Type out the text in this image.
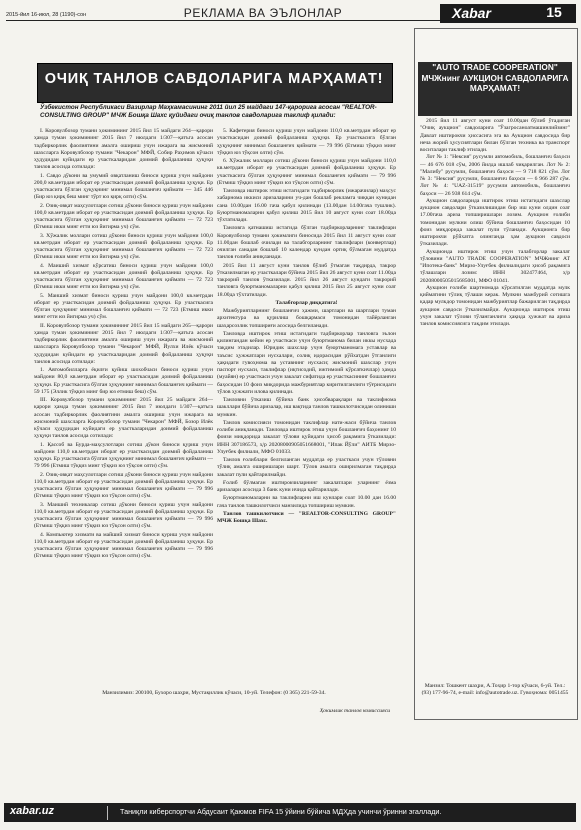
2015-йил 16-июл, 28 (1190)-сон	РЕКЛАМА ВА ЭЪЛОНЛАР	Xabar	15
ОЧИҚ ТАНЛОВ САВДОЛАРИГА МАРҲАМАТ!
Ўзбекистон Республикаси Вазирлар Маҳкамасининг 2011 йил 25 майдаги 147-қарорига асосан "REALTOR-CONSULTING GROUP" МЧЖ Бошқа Шахс қуйидаги очиқ танлов савдоларига таклиф қилади:

I. Коровулбозор тумани ҳокимининг 2015 йил 15 майдаги 264—қарори ҳамда туман ҳокимининг 2015 йил 7 июлдаги 1/307—қатъга асосан тадбиркорлик фаолиятини амалга ошириш учун ижарага ва жисмоний шахсларга Коровулбозор тумани "Чекарон" МФЙ, Собир Раҳимов кўчаси ҳудудидан куйидаги ер участкаларидан доимий фойдаланиш ҳуқуқи танлов асосида сотилади:

1. Савдо дўкони ва умумий овқатланиш биноси қуриш учун майдони 200,0 кв.метрдан иборат ер участкасидан доимий фойдаланиш ҳуқуқи. Ер участкасига бўлган ҳуқуқнинг минимал бошланғич қиймати — 345 446 (Бир юз қирқ беш минг тўрт юз қирқ олти) сўм.

2. Озиқ-овқат маҳсулотлари сотиш дўкони биноси қуриш учун майдони 100,0 кв.метрдан иборат ер участкасидан доимий фойдаланиш ҳуқуқи. Ер участкасига бўлган ҳуқуқнинг минимал бошланғич қиймати — 72 723 (Етмиш икки минг етти юз йигирма уч) сўм.

3. Хўжалик моллари сотиш дўкони биноси қуриш учун майдони 100,0 кв.метрдан иборат ер участкасидан доимий фойдаланиш ҳуқуқи. Ер участкасига бўлган ҳуқуқнинг минимал бошланғич қиймати — 72 723 (Етмиш икки минг етти юз йигирма уч) сўм.

4. Маиший хизмат кўрсатиш биноси қуриш учун майдони 100,0 кв.метрдан иборат ер участкасидан доимий фойдаланиш ҳуқуқи. Ер участкасига бўлган ҳуқуқнинг минимал бошланғич қиймати — 72 723 (Етмиш икки минг етти юз йигирма уч) сўм.

5. Маиший хизмат биноси қуриш учун майдони 100,0 кв.метрдан иборат ер участкасидан доимий фойдаланиш ҳуқуқи. Ер участкасига бўлган ҳуқуқнинг минимал бошланғич қиймати — 72 723 (Етмиш икки минг етти юз йигирма уч) сўм.

II. Коровулбозор тумани ҳокимининг 2015 йил 15 майдаги 265—қарори ҳамда туман ҳокимининг 2015 йил 7 июлдаги 1/307—қатъга асосан тадбиркорлик фаолиятини амалга ошириш учун ижарага ва жисмоний шахсларга Коровулбозор тумани "Чекарон" МФЙ, Йулхи Илёк кўчаси ҳудудидан куйидаги ер участкаларидан доимий фойдаланиш ҳуқуқи танлов асосида сотилади:

1. Автомобилларга ёқилғи қуйиш шохобчаси биноси қуриш учун майдони 80,0 кв.метрдан иборат ер участкасидан доимий фойдаланиш ҳуқуқи. Ер участкасига бўлган ҳуқуқнинг минимал бошланғич қиймати — 59 175 (Эллик тўққиз минг бир юз етмиш беш) сўм.

III. Коровулбозор тумани ҳокимининг 2015 йил 25 майдаги 264—қарори ҳамда туман ҳокимининг 2015 йил 7 июлдаги 1/307—қатъга асосан тадбиркорлик фаолиятини амалга ошириш учун ижарага ва жисмоний шахсларга Коровулбозор тумани "Чекарон" МФЙ, Бозор Илёк кўчаси ҳудудидан куйидаги ер участкаларидан доимий фойдаланиш ҳуқуқи танлов асосида сотилади:

1. Қассоб ва Бурда-маҳсулотлари сотиш дўкон биноси қуриш учун майдони 110,0 кв.метрдан иборат ер участкасидан доимий фойдаланиш ҳуқуқи. Ер участкасига бўлган ҳуқуқнинг минимал бошланғич қиймати — 79 996 (Етмиш тўққиз минг тўққиз юз тўқсон олти) сўм.

2. Озиқ-овқат маҳсулотлари сотиш дўкони биноси қуриш учун майдони 110,0 кв.метрдан иборат ер участкасидан доимий фойдаланиш ҳуқуқи. Ер участкасига бўлган ҳуқуқнинг минимал бошланғич қиймати — 79 996 (Етмиш тўққиз минг тўққиз юз тўқсон олти) сўм.

3. Маиший техникалар сотиш дўкони биноси қуриш учун майдони 110,0 кв.метрдан иборат ер участкасидан доимий фойдаланиш ҳуқуқи. Ер участкасига бўлган ҳуқуқнинг минимал бошланғич қиймати — 79 996 (Етмиш тўққиз минг тўққиз юз тўқсон олти) сўм.

4. Компьютер хизмати ва майший хизмат биноси қуриш учун майдони 110,0 кв.метрдан иборат ер участкасидан доимий фойдаланиш ҳуқуқи. Ер участкасига бўлган ҳуқуқнинг минимал бошланғич қиймати — 79 996 (Етмиш тўққиз минг тўққиз юз тўқсон олти) сўм.

5. Кафетерия биноси қуриш учун майдони 110,0 кв.метрдан иборат ер участкасидан доимий фойдаланиш ҳуқуқи. Ер участкасига бўлган ҳуқуқнинг минимал бошланғич қиймати — 79 996 (Етмиш тўққиз минг тўққиз юз тўқсон олти) сўм.

6. Хўжалик моллари сотиш дўкони биноси қуриш учун майдони 110,0 кв.метрдан иборат ер участкасидан доимий фойдаланиш ҳуқуқи. Ер участкасига бўлган ҳуқуқнинг минимал бошланғич қиймати — 79 996 (Етмиш тўққиз минг тўққиз юз тўқсон олти) сўм.

Танловда иштирок этиш истагидаги тадбиркорлик (ижарачилар) маҳсус хабарнома иккиси аризаларини уч-дан бошлаб рекламга чиққан кунидан сана 10.00дан 16.00 гача қабул қилинади (13.00дан 14.00гача тушлик). Буюртманомаларни қабул қилиш 2015 йил 10 август куни соат 18.00да тўхтатилади.

Танловга қатнашиш истагида бўлган тадбиркорларнинг таклифлари Коровулбозор тумани ҳокимлиги биносида 2015 йил 11 август куни соат 11.00дан бошлаб очилади ва талабгорларнинг таклифлари (конвертлар) очилган санадан бошлаб 10 календар кундан ортиқ бўлмаган муддатда танлов ғолиби аниқланади.

2015 йил 11 август куни танлов бўлиб ўтмаган тақдирда, такрор ўтказилмаган ер участкалари бўйича 2015 йил 26 август куни соат 11.00да такрорий танлов ўтказилади. 2015 йил 26 август кундаги такрорий танловга буюртманомаларни қабул қилиш 2015 йил 25 август куни соат 18.00да тўхтатилади.

Талабгорлар диққатига!

Мажбуриятларнинг бошланғич ҳажми, шартлари ва шартлари туман архитектура ва қурилиш бошқармаси томонидан тайёрланган шаҳарсозлик топшириғи асосида белгиланади.

Танловда иштирок этиш истагидаги тадбиркорлар танловга эълон қилингандан кейин ер участкаси учун буюртманома билан иккы нусхада тақдим этадилар. Юридик шахслар учун буюртманомага уставлар ва таъсис ҳужжатлари нусхалари, солиқ идорасидан рўйхатдан ўтганлиги ҳақидаги гувоҳнома ва уставнинг нусхаси; жисмоний шахслар учун паспорт нусхаси, таклифлар (иқтисодий, ижтимоий кўрсаткичлар) ҳамда (муайян) ер участкаси учун закалат сифатида ер участкасининг бошланғич баҳосидан 10 фоиз миқдорида мажбуриятлар киритилганлиги тўғрисидаги тўлов ҳужжати илова қилинади.

Танловни ўтказиш бўйича банк ҳисобварақлари ва таклифнома шакллари бўйича аризалар, иш вақтида танлов ташкилотчисидан олиниши мумкин.

Танлов комиссияси томонидан таклифлар нати-жаси бўйича танлов ғолиби аниқланади. Танловда иштирок этиш учун бошланғич баҳонинг 10 фоизи миқдорида закалат тўлови қуйидаги ҳисоб рақамига ўтказилади: ИНН 307186573, ҳ/р 20208000905051668001, "Ипак Йўли" АИТБ Мирзо-Улуғбек филиали, МФО 01033.

Танлов ғолиблари белгиланган муддатда ер участкаси учун тўловни тўлиқ амалга оширишлари шарт. Тўлов амалга оширилмаган тақдирда закалат пули қайтарилмайди.

Ғолиб бўлмаган иштирокчиларнинг закалатлари уларнинг ёзма аризалари асосида 3 банк куни ичида қайтарилади.

Буюртманомаларни ва таклифларни иш кунлари соат 10.00 дан 16.00 гача танлов ташкилотчиси манзилида топшириш мумкин.

Танлов ташкилотчиси — "REALTOR-CONSULTING GROUP" МЧЖ Бошқа Шахс.

Манзилимиз: 200100, Бухоро шаҳри, Мустақиллик кўчаси, 10-уй. Телефон: (0 365) 221-59-34.
Ҳокимлик танлов комиссияси
"AUTO TRADE COOPERATION" МЧЖнинг АУКЦИОН САВДОЛАРИГА МАРҲАМАТ!

2015 йил 11 август куни соат 10.00дан бўлиб ўтадиган "Очиқ аукцион" савдоларига "Ўзагросаноатмашинлийзинг" Давлат иштирокчи ҳиссасига эга ва Аукцион савдосида бир неча жорий ҳусусиятлари билан бўлган техника ва транспорт воситалари таклиф этилади.

Лот № 1: "Нексия" русумли автомобиль, бошланғич баҳоси — 46 676 018 сўм, 2006 йилда ишлаб чиқарилган. Лот № 2: "Малибу" русумли, бошланғич баҳоси — 9 718 821 сўм. Лот № 3: "Нексия" русумли, бошланғич баҳоси — 6 966 287 сўм. Лот № 4: "UAZ-31519" русумли автомобиль, бошланғич баҳоси — 26 938 614 сўм.

Аукцион савдоларида иштирок этиш истагидаги шахслар аукцион савдолари ўтказилишидан бир иш куни олдин соат 17.00гача ариза топширишлари лозим. Аукцион ғолиби томонидан мулкни олиш бўйича бошланғич баҳосидан 10 фоиз миқдорида закалат пули тўланади. Аукционга бир иштирокчи рўйхатга олинганда ҳам аукцион савдоси ўтказилади.

Аукционда иштирок этиш учун талабгорлар закалат тўловини "AUTO TRADE COOPERATION" МЧЖнинг АТ "Ипотека-банк" Мирзо-Улуғбек филиалидаги ҳисоб рақамига тўлашлари лозим: ИНН 302477464, ҳ/р 20208000505015685001, МФО 01041.

Аукцион ғолиби шартномада кўрсатилган муддатда мулк қийматини тўлиқ тўлаши керак. Мулкни мажбурий сотишга қадар мулкдор томонидан мажбуриятлар бажарилган тақдирда аукцион савдоси ўтказилмайди. Аукционда иштирок этиш учун закалат тўлови тўланганлиги ҳақида ҳужжат ва ариза танлов комиссиясига тақдим этилади.

Манзил: Тошкент шаҳри, А.Тоҳир 1-тор кўчаси, 6-уй. Тел.: (93) 177-96-74, e-mail: info@autotrade.uz. Гувоҳнома: 0051455
xabar.uz	Таниқли киберспортчи Абдусаит Қаюмов FIFA 15 ўйини бўйича МДҲда учинчи ўринни эгаллади.
